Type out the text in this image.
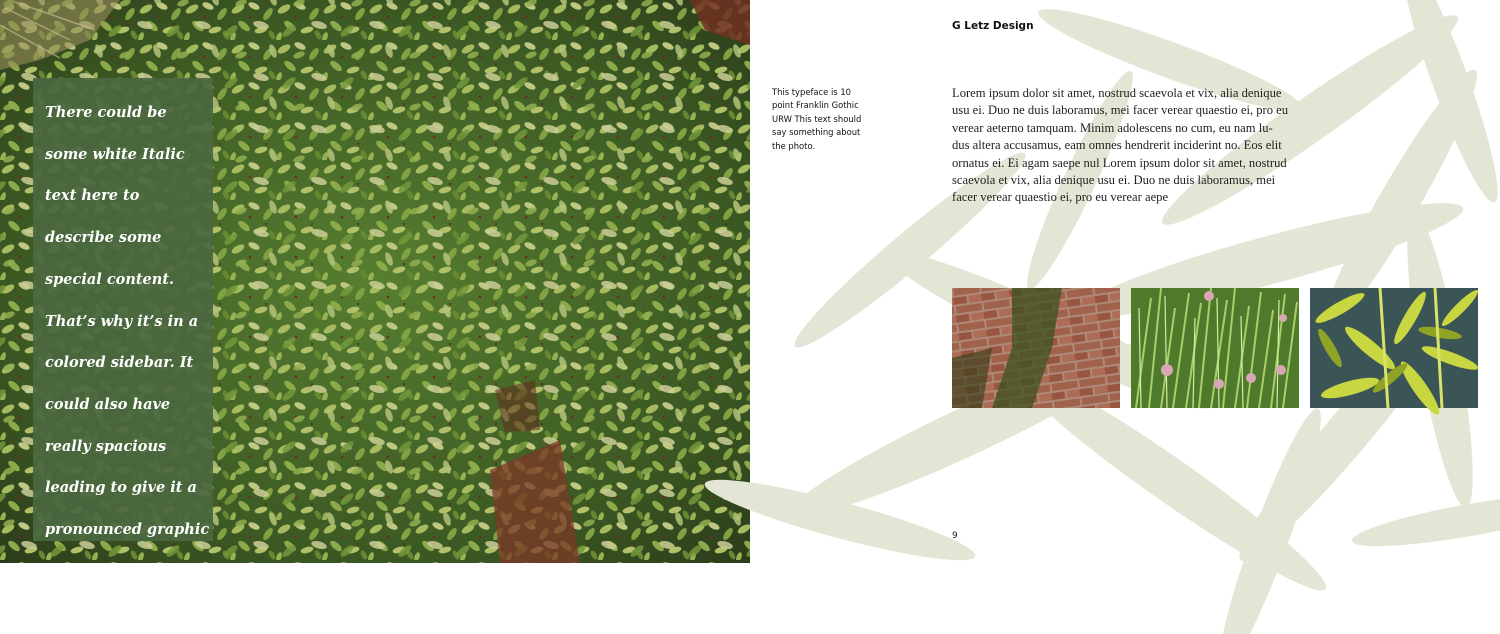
There could be some white Italic text here to describe some special content. That’s why it’s in a colored sidebar. It could also have really spacious leading to give it a pronounced graphic effect on the entire page.

G Letz Design

This typeface is 10 point Franklin Gothic URW This text should say something about the photo.

Lorem ipsum dolor sit amet, nostrud scaevola et vix, alia denique usu ei. Duo ne duis laboramus, mei facer verear quaestio ei, pro eu verear aeterno tamquam. Minim adolescens no cum, eu nam lu-dus altera accusamus, eam omnes hendrerit inciderint no. Eos elit ornatus ei. Ei agam saepe nul Lorem ipsum dolor sit amet, nostrud scaevola et vix, alia denique usu ei. Duo ne duis laboramus, mei facer verear quaestio ei, pro eu verear aepe

9
